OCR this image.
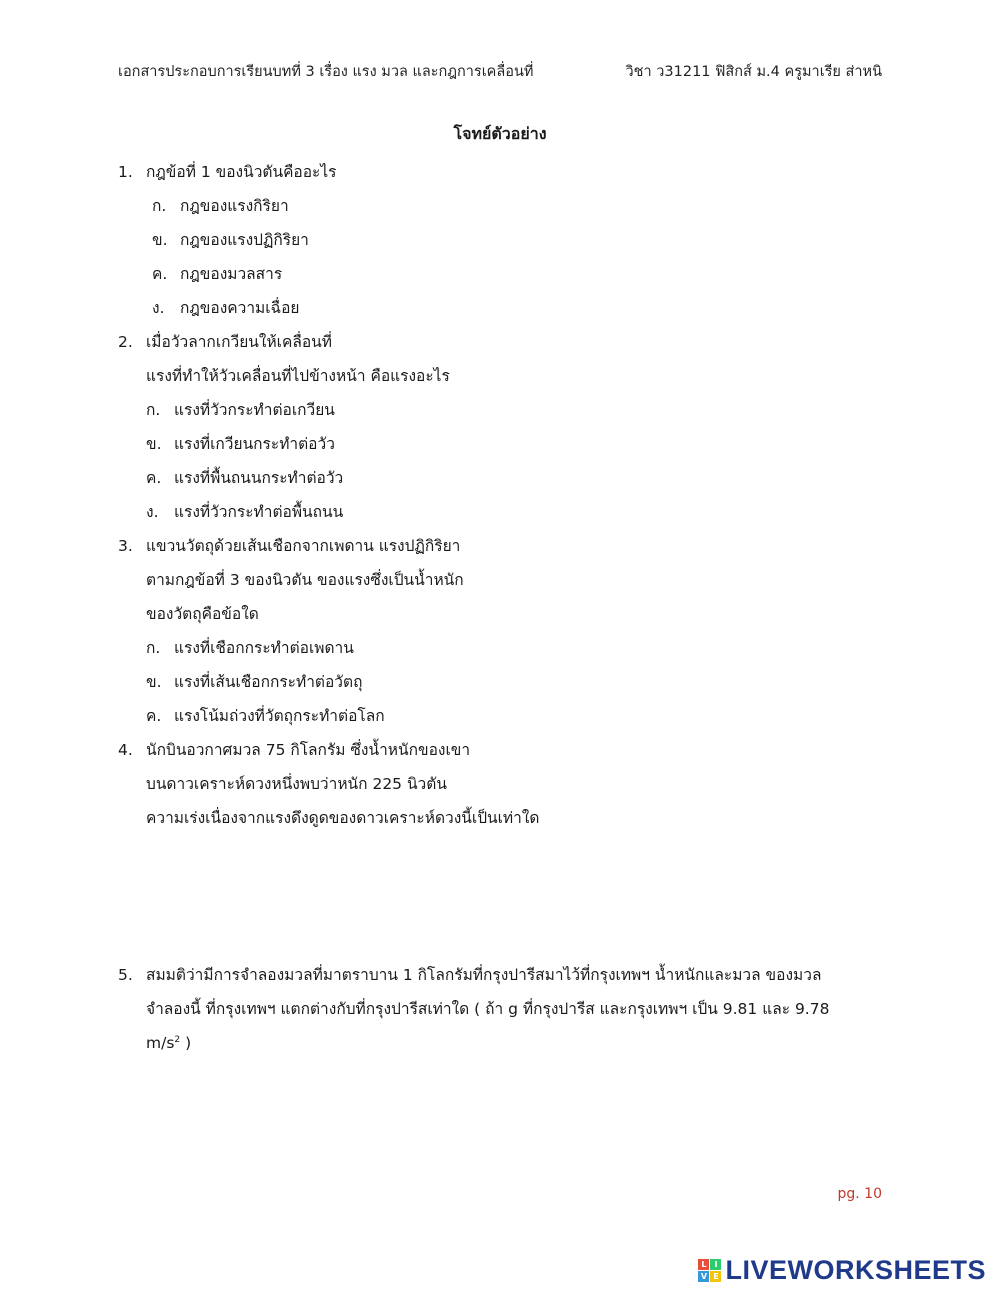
เอกสารประกอบการเรียนบทที่ 3 เรื่อง แรง มวล และกฎการเคลื่อนที่	วิชา ว31211 ฟิสิกส์ ม.4 ครูมาเรีย ส่าหนิ
โจทย์ตัวอย่าง
1. กฎข้อที่ 1 ของนิวตันคืออะไร
ก. กฎของแรงกิริยา
ข. กฎของแรงปฏิกิริยา
ค. กฎของมวลสาร
ง. กฎของความเฉื่อย
2. เมื่อวัวลากเกวียนให้เคลื่อนที่
แรงที่ทำให้วัวเคลื่อนที่ไปข้างหน้า คือแรงอะไร
ก. แรงที่วัวกระทำต่อเกวียน
ข. แรงที่เกวียนกระทำต่อวัว
ค. แรงที่พื้นถนนกระทำต่อวัว
ง. แรงที่วัวกระทำต่อพื้นถนน
3. แขวนวัตถุด้วยเส้นเชือกจากเพดาน แรงปฏิกิริยา
ตามกฎข้อที่ 3 ของนิวตัน ของแรงซึ่งเป็นน้ำหนัก
ของวัตถุคือข้อใด
ก. แรงที่เชือกกระทำต่อเพดาน
ข. แรงที่เส้นเชือกกระทำต่อวัตถุ
ค. แรงโน้มถ่วงที่วัตถุกระทำต่อโลก
4. นักบินอวกาศมวล 75 กิโลกรัม ซึ่งน้ำหนักของเขา
บนดาวเคราะห์ดวงหนึ่งพบว่าหนัก 225 นิวตัน
ความเร่งเนื่องจากแรงดึงดูดของดาวเคราะห์ดวงนี้เป็นเท่าใด
5. สมมติว่ามีการจำลองมวลที่มาตราบาน 1 กิโลกรัมที่กรุงปารีสมาไว้ที่กรุงเทพฯ น้ำหนักและมวล ของมวล
จำลองนี้ ที่กรุงเทพฯ แตกต่างกับที่กรุงปารีสเท่าใด ( ถ้า g ที่กรุงปารีส และกรุงเทพฯ เป็น 9.81 และ 9.78
$m/s^2$ )
pg. 10
L I
V E LIVEWORKSHEETS
